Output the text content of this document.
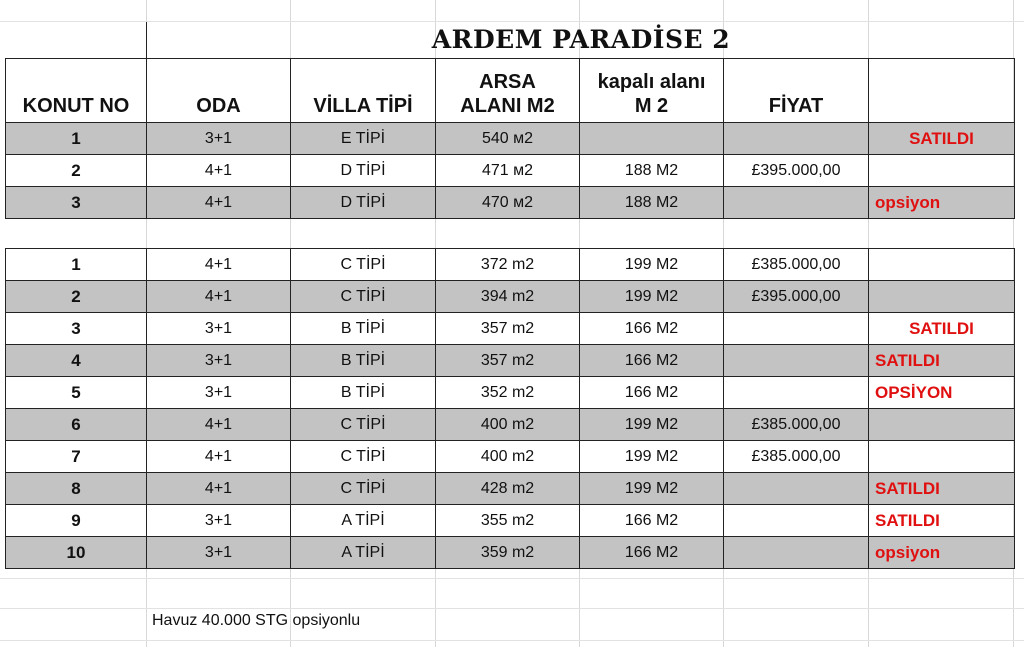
ARDEM PARADİSE 2
KONUT NO	ODA	VİLLA TİPİ	ARSA ALANI M2	kapalı alanı M 2	FİYAT	
1	3+1	E TİPİ	540 м2			SATILDI
2	4+1	D TİPİ	471 м2	188 M2	£395.000,00	
3	4+1	D TİPİ	470 м2	188 M2		opsiyon
1	4+1	C TİPİ	372 m2	199 M2	£385.000,00	
2	4+1	C TİPİ	394 m2	199 M2	£395.000,00	
3	3+1	B TİPİ	357 m2	166 M2		SATILDI
4	3+1	B TİPİ	357 m2	166 M2		SATILDI
5	3+1	B TİPİ	352 m2	166 M2		OPSİYON
6	4+1	C TİPİ	400 m2	199 M2	£385.000,00	
7	4+1	C TİPİ	400 m2	199 M2	£385.000,00	
8	4+1	C TİPİ	428 m2	199 M2		SATILDI
9	3+1	A TİPİ	355 m2	166 M2		SATILDI
10	3+1	A TİPİ	359 m2	166 M2		opsiyon
Havuz 40.000 STG opsiyonlu
